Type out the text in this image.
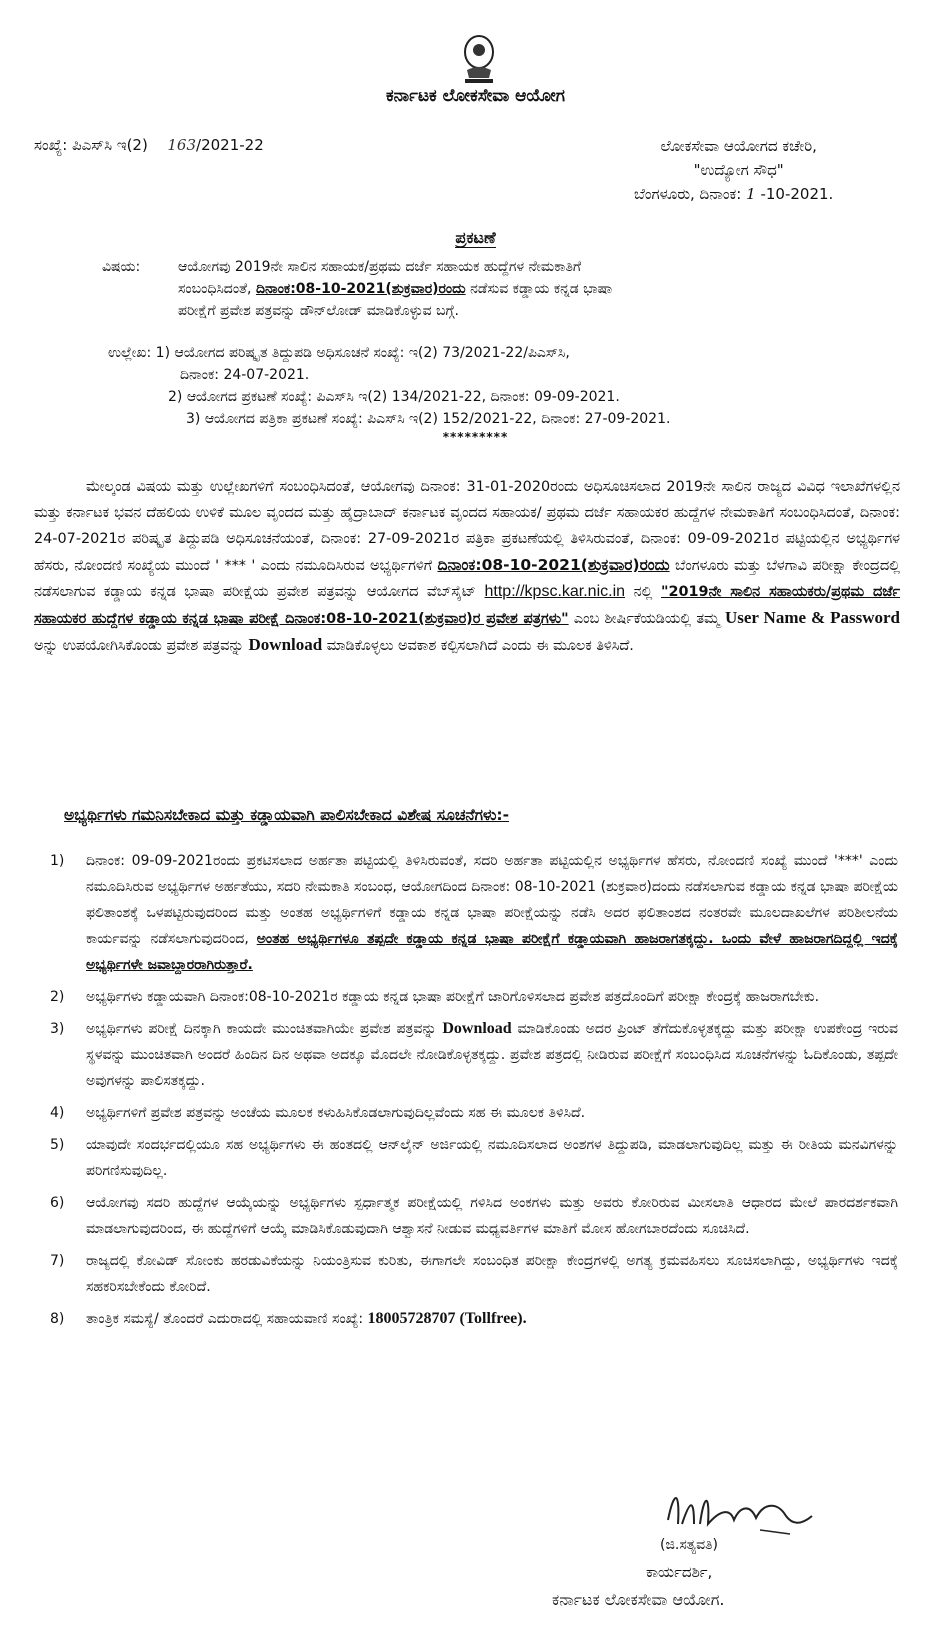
ಕರ್ನಾಟಕ ಲೋಕಸೇವಾ ಆಯೋಗ
ಸಂಖ್ಯೆ: ಪಿಎಸ್‌ಸಿ ಇ(2) 163/2021-22	ಲೋಕಸೇವಾ ಆಯೋಗದ ಕಚೇರಿ,
"ಉದ್ಯೋಗ ಸೌಧ"
ಬೆಂಗಳೂರು, ದಿನಾಂಕ: 1 -10-2021.
ಪ್ರಕಟಣೆ
ವಿಷಯ:	ಆಯೋಗವು 2019ನೇ ಸಾಲಿನ ಸಹಾಯಕ/ಪ್ರಥಮ ದರ್ಜೆ ಸಹಾಯಕ ಹುದ್ದೆಗಳ ನೇಮಕಾತಿಗೆ
ಸಂಬಂಧಿಸಿದಂತೆ, ದಿನಾಂಕ:08-10-2021(ಶುಕ್ರವಾರ)ರಂದು ನಡೆಸುವ ಕಡ್ಡಾಯ ಕನ್ನಡ ಭಾಷಾ
ಪರೀಕ್ಷೆಗೆ ಪ್ರವೇಶ ಪತ್ರವನ್ನು ಡೌನ್‌ಲೋಡ್ ಮಾಡಿಕೊಳ್ಳುವ ಬಗ್ಗೆ.
ಉಲ್ಲೇಖ: 1) ಆಯೋಗದ ಪರಿಷ್ಕೃತ ತಿದ್ದುಪಡಿ ಅಧಿಸೂಚನೆ ಸಂಖ್ಯೆ: ಇ(2) 73/2021-22/ಪಿಎಸ್‌ಸಿ,
ದಿನಾಂಕ: 24-07-2021.
2) ಆಯೋಗದ ಪ್ರಕಟಣೆ ಸಂಖ್ಯೆ: ಪಿಎಸ್‌ಸಿ ಇ(2) 134/2021-22, ದಿನಾಂಕ: 09-09-2021.
3) ಆಯೋಗದ ಪತ್ರಿಕಾ ಪ್ರಕಟಣೆ ಸಂಖ್ಯೆ: ಪಿಎಸ್‌ಸಿ ಇ(2) 152/2021-22, ದಿನಾಂಕ: 27-09-2021.
*********

ಮೇಲ್ಕಂಡ ವಿಷಯ ಮತ್ತು ಉಲ್ಲೇಖಗಳಿಗೆ ಸಂಬಂಧಿಸಿದಂತೆ, ಆಯೋಗವು ದಿನಾಂಕ: 31-01-2020ರಂದು ಅಧಿಸೂಚಿಸಲಾದ 2019ನೇ ಸಾಲಿನ ರಾಜ್ಯದ ವಿವಿಧ ಇಲಾಖೆಗಳಲ್ಲಿನ ಮತ್ತು ಕರ್ನಾಟಕ ಭವನ ದೆಹಲಿಯ ಉಳಿಕೆ ಮೂಲ ವೃಂದದ ಮತ್ತು ಹೈದ್ರಾಬಾದ್ ಕರ್ನಾಟಕ ವೃಂದದ ಸಹಾಯಕ/ ಪ್ರಥಮ ದರ್ಜೆ ಸಹಾಯಕರ ಹುದ್ದೆಗಳ ನೇಮಕಾತಿಗೆ ಸಂಬಂಧಿಸಿದಂತೆ, ದಿನಾಂಕ: 24-07-2021ರ ಪರಿಷ್ಕೃತ ತಿದ್ದುಪಡಿ ಅಧಿಸೂಚನೆಯಂತೆ, ದಿನಾಂಕ: 27-09-2021ರ ಪತ್ರಿಕಾ ಪ್ರಕಟಣೆಯಲ್ಲಿ ತಿಳಿಸಿರುವಂತೆ, ದಿನಾಂಕ: 09-09-2021ರ ಪಟ್ಟಿಯಲ್ಲಿನ ಅಭ್ಯರ್ಥಿಗಳ ಹೆಸರು, ನೋಂದಣಿ ಸಂಖ್ಯೆಯ ಮುಂದೆ ' *** ' ಎಂದು ನಮೂದಿಸಿರುವ ಅಭ್ಯರ್ಥಿಗಳಿಗೆ ದಿನಾಂಕ:08-10-2021(ಶುಕ್ರವಾರ)ರಂದು ಬೆಂಗಳೂರು ಮತ್ತು ಬೆಳಗಾವಿ ಪರೀಕ್ಷಾ ಕೇಂದ್ರದಲ್ಲಿ ನಡೆಸಲಾಗುವ ಕಡ್ಡಾಯ ಕನ್ನಡ ಭಾಷಾ ಪರೀಕ್ಷೆಯ ಪ್ರವೇಶ ಪತ್ರವನ್ನು ಆಯೋಗದ ವೆಬ್‌ಸೈಟ್ http://kpsc.kar.nic.in ನಲ್ಲಿ "2019ನೇ ಸಾಲಿನ ಸಹಾಯಕರು/ಪ್ರಥಮ ದರ್ಜೆ ಸಹಾಯಕರ ಹುದ್ದೆಗಳ ಕಡ್ಡಾಯ ಕನ್ನಡ ಭಾಷಾ ಪರೀಕ್ಷೆ ದಿನಾಂಕ:08-10-2021(ಶುಕ್ರವಾರ)ರ ಪ್ರವೇಶ ಪತ್ರಗಳು" ಎಂಬ ಶೀರ್ಷಿಕೆಯಡಿಯಲ್ಲಿ ತಮ್ಮ User Name & Password ಅನ್ನು ಉಪಯೋಗಿಸಿಕೊಂಡು ಪ್ರವೇಶ ಪತ್ರವನ್ನು Download ಮಾಡಿಕೊಳ್ಳಲು ಅವಕಾಶ ಕಲ್ಪಿಸಲಾಗಿದೆ ಎಂದು ಈ ಮೂಲಕ ತಿಳಿಸಿದೆ.

ಅಭ್ಯರ್ಥಿಗಳು ಗಮನಿಸಬೇಕಾದ ಮತ್ತು ಕಡ್ಡಾಯವಾಗಿ ಪಾಲಿಸಬೇಕಾದ ವಿಶೇಷ ಸೂಚನೆಗಳು:-
1)	ದಿನಾಂಕ: 09-09-2021ರಂದು ಪ್ರಕಟಿಸಲಾದ ಅರ್ಹತಾ ಪಟ್ಟಿಯಲ್ಲಿ ತಿಳಿಸಿರುವಂತೆ, ಸದರಿ ಅರ್ಹತಾ ಪಟ್ಟಿಯಲ್ಲಿನ ಅಭ್ಯರ್ಥಿಗಳ ಹೆಸರು, ನೋಂದಣಿ ಸಂಖ್ಯೆ ಮುಂದೆ '***' ಎಂದು ನಮೂದಿಸಿರುವ ಅಭ್ಯರ್ಥಿಗಳ ಅರ್ಹತೆಯು, ಸದರಿ ನೇಮಕಾತಿ ಸಂಬಂಧ, ಆಯೋಗದಿಂದ ದಿನಾಂಕ: 08-10-2021 (ಶುಕ್ರವಾರ)ದಂದು ನಡೆಸಲಾಗುವ ಕಡ್ಡಾಯ ಕನ್ನಡ ಭಾಷಾ ಪರೀಕ್ಷೆಯ ಫಲಿತಾಂಶಕ್ಕೆ ಒಳಪಟ್ಟಿರುವುದರಿಂದ ಮತ್ತು ಅಂತಹ ಅಭ್ಯರ್ಥಿಗಳಿಗೆ ಕಡ್ಡಾಯ ಕನ್ನಡ ಭಾಷಾ ಪರೀಕ್ಷೆಯನ್ನು ನಡೆಸಿ ಅದರ ಫಲಿತಾಂಶದ ನಂತರವೇ ಮೂಲದಾಖಲೆಗಳ ಪರಿಶೀಲನೆಯ ಕಾರ್ಯವನ್ನು ನಡೆಸಲಾಗುವುದರಿಂದ, ಅಂತಹ ಅಭ್ಯರ್ಥಿಗಳೂ ತಪ್ಪದೇ ಕಡ್ಡಾಯ ಕನ್ನಡ ಭಾಷಾ ಪರೀಕ್ಷೆಗೆ ಕಡ್ಡಾಯವಾಗಿ ಹಾಜರಾಗತಕ್ಕದ್ದು. ಒಂದು ವೇಳೆ ಹಾಜರಾಗದಿದ್ದಲ್ಲಿ ಇದಕ್ಕೆ ಅಭ್ಯರ್ಥಿಗಳೇ ಜವಾಬ್ದಾರರಾಗಿರುತ್ತಾರೆ.
2)	ಅಭ್ಯರ್ಥಿಗಳು ಕಡ್ಡಾಯವಾಗಿ ದಿನಾಂಕ:08-10-2021ರ ಕಡ್ಡಾಯ ಕನ್ನಡ ಭಾಷಾ ಪರೀಕ್ಷೆಗೆ ಜಾರಿಗೊಳಿಸಲಾದ ಪ್ರವೇಶ ಪತ್ರದೊಂದಿಗೆ ಪರೀಕ್ಷಾ ಕೇಂದ್ರಕ್ಕೆ ಹಾಜರಾಗಬೇಕು.
3)	ಅಭ್ಯರ್ಥಿಗಳು ಪರೀಕ್ಷೆ ದಿನಕ್ಕಾಗಿ ಕಾಯದೇ ಮುಂಚಿತವಾಗಿಯೇ ಪ್ರವೇಶ ಪತ್ರವನ್ನು Download ಮಾಡಿಕೊಂಡು ಅದರ ಪ್ರಿಂಟ್ ತೆಗೆದುಕೊಳ್ಳತಕ್ಕದ್ದು ಮತ್ತು ಪರೀಕ್ಷಾ ಉಪಕೇಂದ್ರ ಇರುವ ಸ್ಥಳವನ್ನು ಮುಂಚಿತವಾಗಿ ಅಂದರೆ ಹಿಂದಿನ ದಿನ ಅಥವಾ ಅದಕ್ಕೂ ಮೊದಲೇ ನೋಡಿಕೊಳ್ಳತಕ್ಕದ್ದು. ಪ್ರವೇಶ ಪತ್ರದಲ್ಲಿ ನೀಡಿರುವ ಪರೀಕ್ಷೆಗೆ ಸಂಬಂಧಿಸಿದ ಸೂಚನೆಗಳನ್ನು ಓದಿಕೊಂಡು, ತಪ್ಪದೇ ಅವುಗಳನ್ನು ಪಾಲಿಸತಕ್ಕದ್ದು.
4)	ಅಭ್ಯರ್ಥಿಗಳಿಗೆ ಪ್ರವೇಶ ಪತ್ರವನ್ನು ಅಂಚೆಯ ಮೂಲಕ ಕಳುಹಿಸಿಕೊಡಲಾಗುವುದಿಲ್ಲವೆಂದು ಸಹ ಈ ಮೂಲಕ ತಿಳಿಸಿದೆ.
5)	ಯಾವುದೇ ಸಂದರ್ಭದಲ್ಲಿಯೂ ಸಹ ಅಭ್ಯರ್ಥಿಗಳು ಈ ಹಂತದಲ್ಲಿ ಆನ್‌ಲೈನ್ ಅರ್ಜಿಯಲ್ಲಿ ನಮೂದಿಸಲಾದ ಅಂಶಗಳ ತಿದ್ದುಪಡಿ, ಮಾಡಲಾಗುವುದಿಲ್ಲ ಮತ್ತು ಈ ರೀತಿಯ ಮನವಿಗಳನ್ನು ಪರಿಗಣಿಸುವುದಿಲ್ಲ.
6)	ಆಯೋಗವು ಸದರಿ ಹುದ್ದೆಗಳ ಆಯ್ಕೆಯನ್ನು ಅಭ್ಯರ್ಥಿಗಳು ಸ್ಪರ್ಧಾತ್ಮಕ ಪರೀಕ್ಷೆಯಲ್ಲಿ ಗಳಿಸಿದ ಅಂಕಗಳು ಮತ್ತು ಅವರು ಕೋರಿರುವ ಮೀಸಲಾತಿ ಆಧಾರದ ಮೇಲೆ ಪಾರದರ್ಶಕವಾಗಿ ಮಾಡಲಾಗುವುದರಿಂದ, ಈ ಹುದ್ದೆಗಳಿಗೆ ಆಯ್ಕೆ ಮಾಡಿಸಿಕೊಡುವುದಾಗಿ ಆಶ್ವಾಸನೆ ನೀಡುವ ಮಧ್ಯವರ್ತಿಗಳ ಮಾತಿಗೆ ಮೋಸ ಹೋಗಬಾರದೆಂದು ಸೂಚಿಸಿದೆ.
7)	ರಾಜ್ಯದಲ್ಲಿ ಕೋವಿಡ್ ಸೋಂಕು ಹರಡುವಿಕೆಯನ್ನು ನಿಯಂತ್ರಿಸುವ ಕುರಿತು, ಈಗಾಗಲೇ ಸಂಬಂಧಿತ ಪರೀಕ್ಷಾ ಕೇಂದ್ರಗಳಲ್ಲಿ ಅಗತ್ಯ ಕ್ರಮವಹಿಸಲು ಸೂಚಿಸಲಾಗಿದ್ದು, ಅಭ್ಯರ್ಥಿಗಳು ಇದಕ್ಕೆ ಸಹಕರಿಸಬೇಕೆಂದು ಕೋರಿದೆ.
8)	ತಾಂತ್ರಿಕ ಸಮಸ್ಯೆ/ ತೊಂದರೆ ಎದುರಾದಲ್ಲಿ ಸಹಾಯವಾಣಿ ಸಂಖ್ಯೆ: 18005728707 (Tollfree).
(ಜಿ.ಸತ್ಯವತಿ)
ಕಾರ್ಯದರ್ಶಿ,
ಕರ್ನಾಟಕ ಲೋಕಸೇವಾ ಆಯೋಗ.
